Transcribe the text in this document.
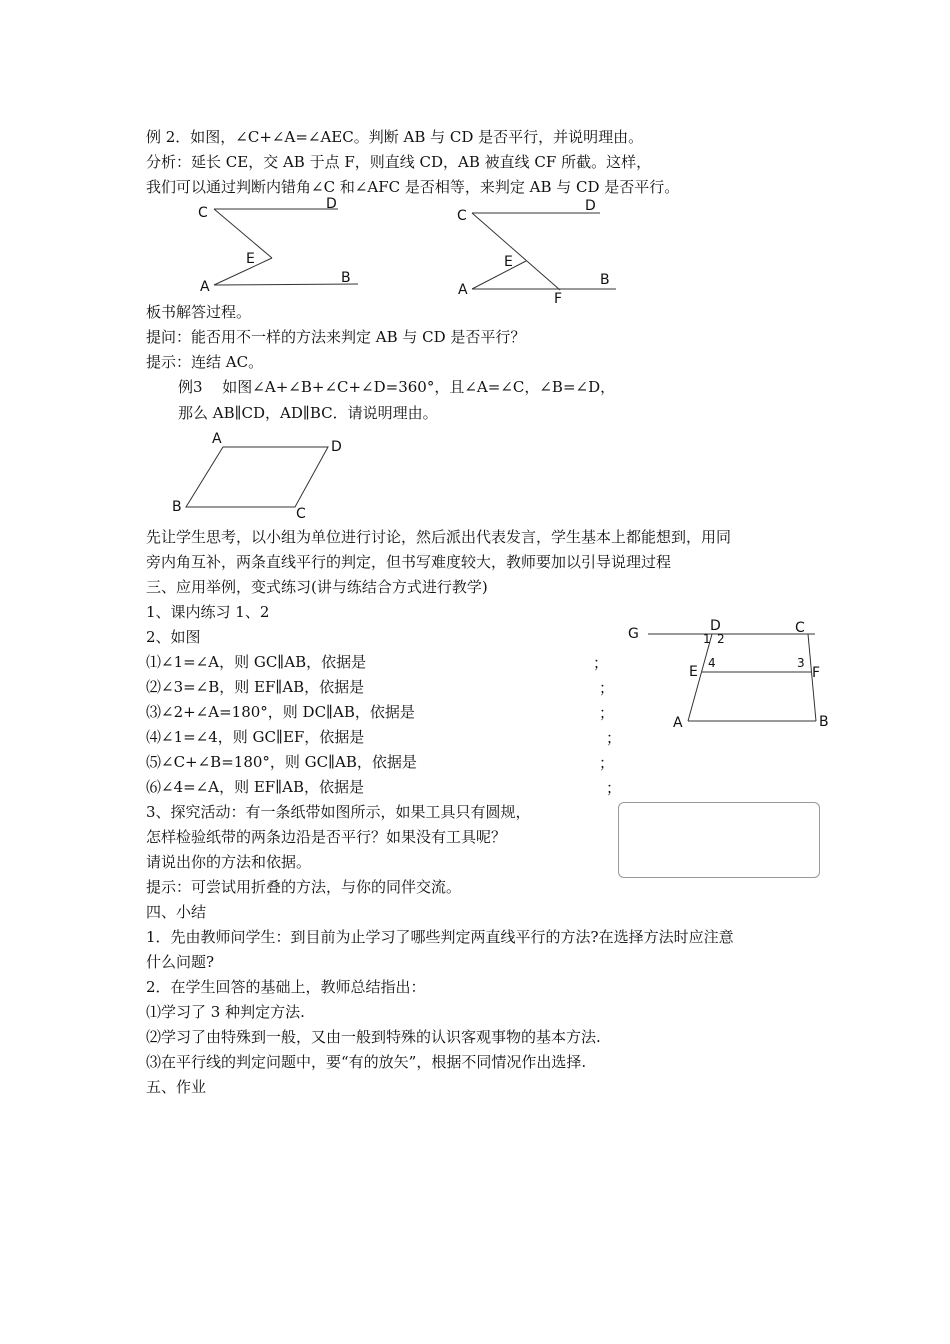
例 2．如图，∠C+∠A=∠AEC。判断 AB 与 CD 是否平行，并说明理由。
分析：延长 CE，交 AB 于点 F，则直线 CD，AB 被直线 CF 所截。这样，
我们可以通过判断内错角∠C 和∠AFC 是否相等，来判定 AB 与 CD 是否平行。
C
D
E
A
B
C
D
E
A
B
F
A	D
B	C
G	D	C
1 2
E
4	3
F
A	B
板书解答过程。
提问：能否用不一样的方法来判定 AB 与 CD 是否平行？
提示：连结 AC。
例3　 如图∠A+∠B+∠C+∠D=360°，且∠A=∠C，∠B=∠D，
那么 AB∥CD，AD∥BC．请说明理由。
先让学生思考，以小组为单位进行讨论，然后派出代表发言，学生基本上都能想到，用同
旁内角互补，两条直线平行的判定，但书写难度较大，教师要加以引导说理过程
三、应用举例，变式练习(讲与练结合方式进行教学)
1、课内练习 1、2
2、如图
⑴∠1=∠A，则 GC∥AB，依据是	；
⑵∠3=∠B，则 EF∥AB，依据是	；
⑶∠2+∠A=180°，则 DC∥AB，依据是	；
⑷∠1=∠4，则 GC∥EF，依据是	；
⑸∠C+∠B=180°，则 GC∥AB，依据是	；
⑹∠4=∠A，则 EF∥AB，依据是	；
3、探究活动：有一条纸带如图所示，如果工具只有圆规，
怎样检验纸带的两条边沿是否平行？如果没有工具呢？
请说出你的方法和依据。
提示：可尝试用折叠的方法，与你的同伴交流。
四、小结
1．先由教师问学生：到目前为止学习了哪些判定两直线平行的方法?在选择方法时应注意
什么问题?
2．在学生回答的基础上，教师总结指出：
⑴学习了 3 种判定方法.
⑵学习了由特殊到一般，又由一般到特殊的认识客观事物的基本方法.
⑶在平行线的判定问题中，要“有的放矢”，根据不同情况作出选择.
五、作业
